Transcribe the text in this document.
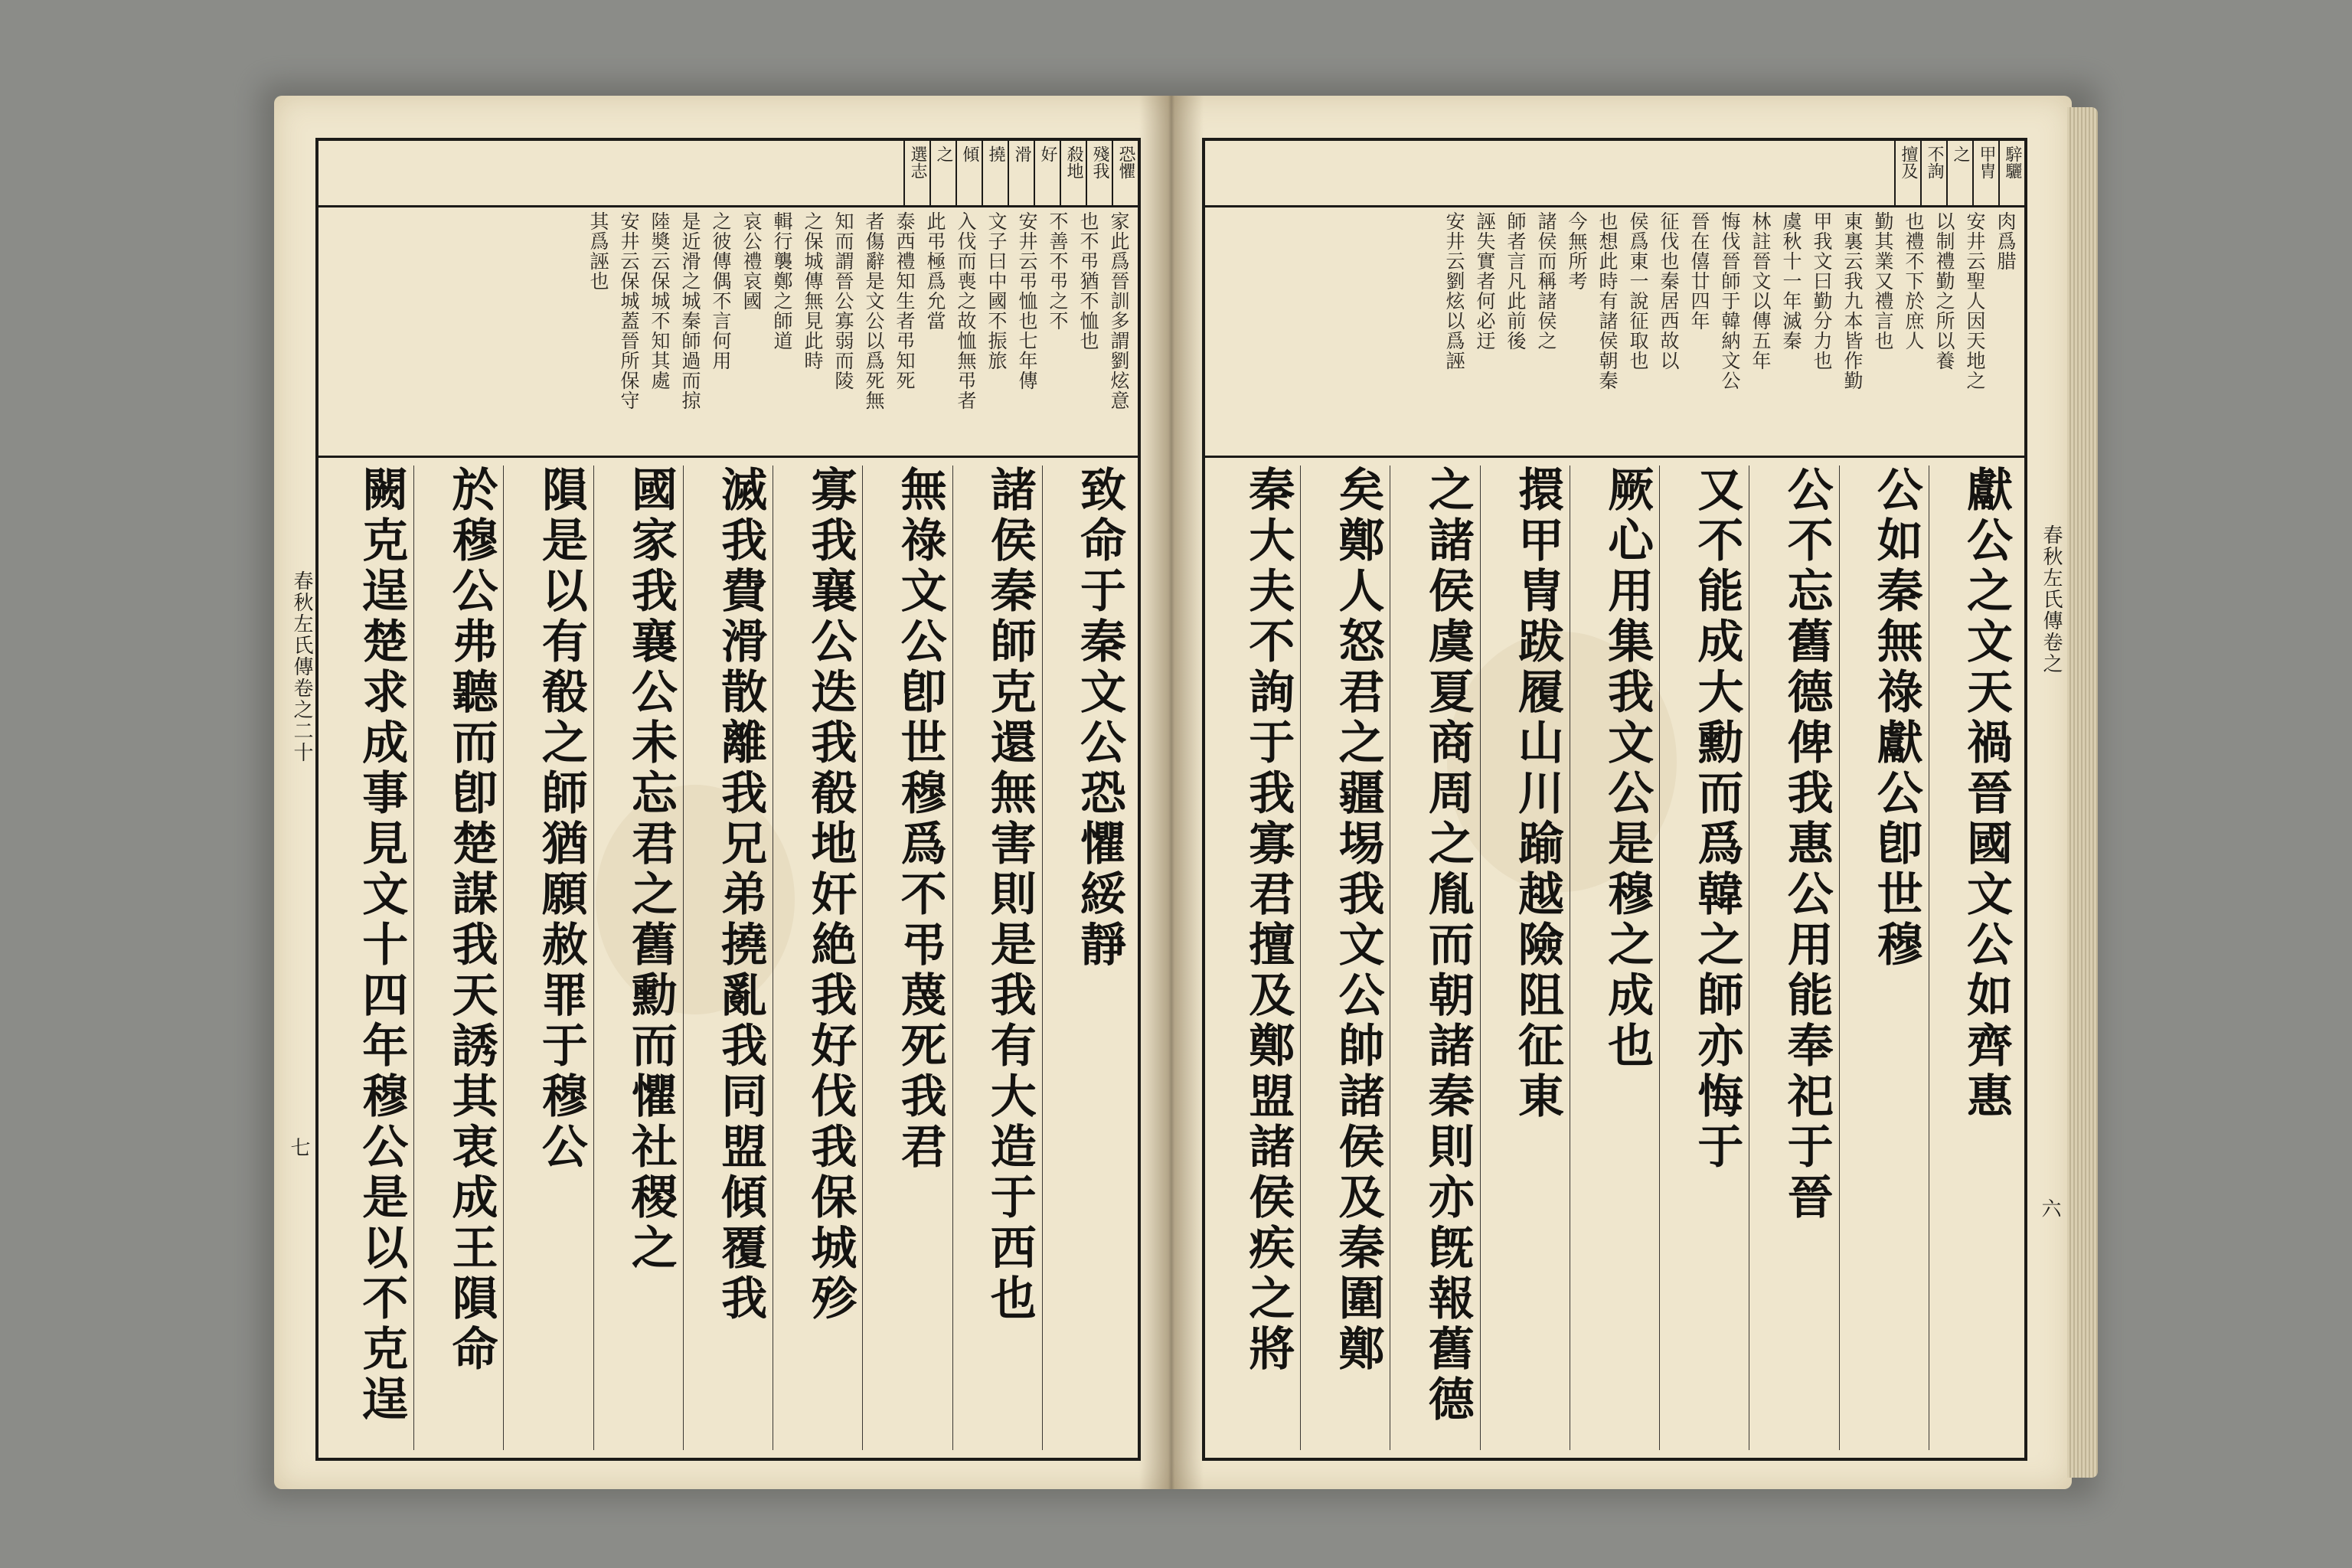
春秋左氏傳卷之二十
七
恐懼
殘我
殺地
好
滑
撓
傾
之
選志
家此爲晉訓多謂劉炫意
也不弔猶不恤也
不善不弔之不
安井云弔恤也七年傳
文子曰中國不振旅
入伐而喪之故恤無弔者
此弔極爲允當
泰西禮知生者弔知死
者傷辭是文公以爲死無
知而謂晉公寡弱而陵
之保城傳無見此時
輯行襲鄭之師道
哀公禮哀國
之彼傳偶不言何用
是近滑之城秦師過而掠
陸奬云保城不知其處
安井云保城蓋晉所保守
其爲誣也
致命于秦文公恐懼綏靜
諸侯秦師克還無害則是我有大造于西也
無祿文公卽世穆爲不弔蔑死我君
寡我襄公迭我殽地奸絶我好伐我保城殄
滅我費滑散離我兄弟撓亂我同盟傾覆我
國家我襄公未忘君之舊勳而懼社稷之
隕是以有殽之師猶願赦罪于穆公
於穆公弗聽而卽楚謀我天誘其衷成王隕命
闕克逞楚求成事見文十四年穆公是以不克逞	春秋左氏傳卷之
六
騂驪
甲胄
之
不詢
擅及
肉爲腊
安井云聖人因天地之
以制禮勤之所以養
也禮不下於庶人
勤其業又禮言也
東裏云我九本皆作勤
甲我文曰勤分力也
虞秋十一年滅秦
林註晉文以傳五年
悔伐晉師于韓納文公
晉在僖廿四年
征伐也秦居西故以
侯爲東一說征取也
也想此時有諸侯朝秦
今無所考
諸侯而稱諸侯之
師者言凡此前後
誣失實者何必迂
安井云劉炫以爲誣
獻公之文天禍晉國文公如齊惠
公如秦無祿獻公卽世穆
公不忘舊德俾我惠公用能奉祀于晉
又不能成大勳而爲韓之師亦悔于
厥心用集我文公是穆之成也
擐甲冑跋履山川踰越險阻征東
之諸侯虞夏商周之胤而朝諸秦則亦旣報舊德
矣鄭人怒君之疆埸我文公帥諸侯及秦圍鄭
秦大夫不詢于我寡君擅及鄭盟諸侯疾之將
